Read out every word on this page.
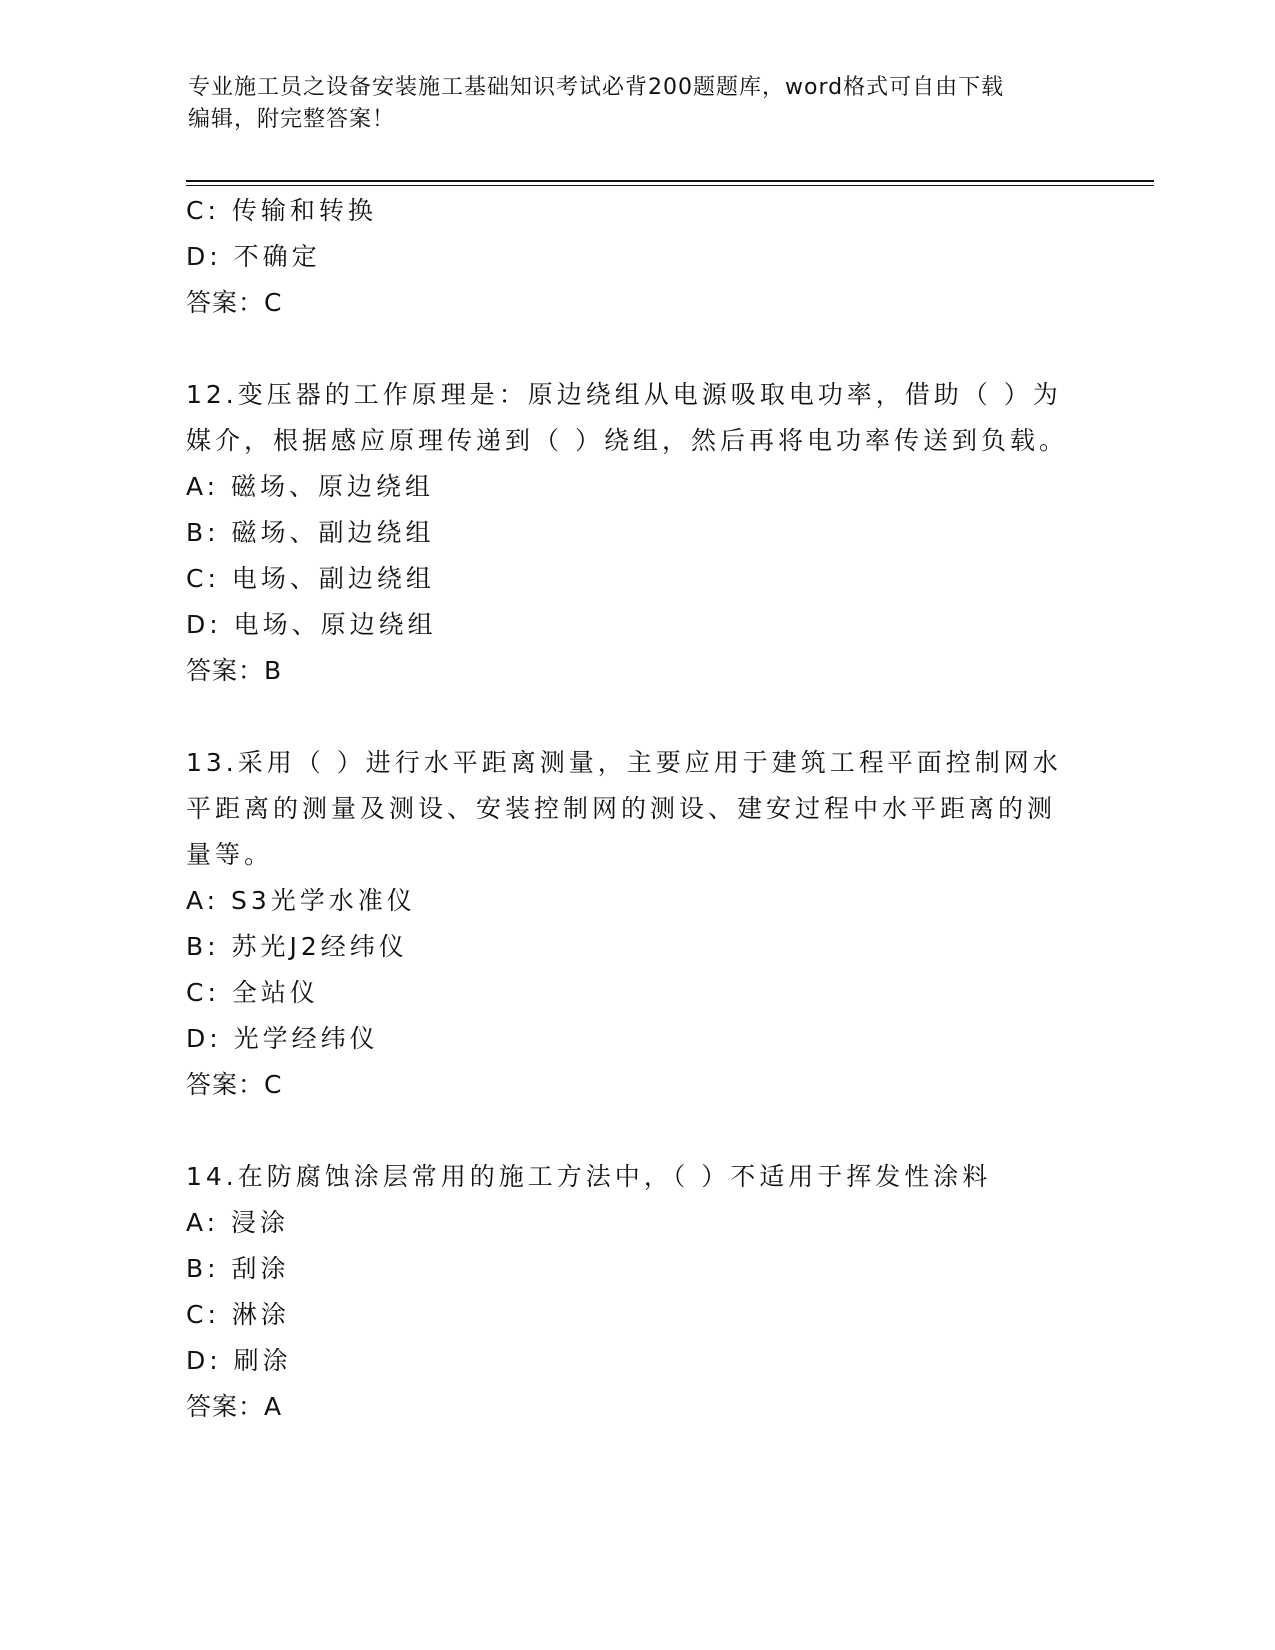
专业施工员之设备安装施工基础知识考试必背200题题库，word格式可自由下载
编辑，附完整答案！
C: 传输和转换
D: 不确定
答案：C
12.变压器的工作原理是：原边绕组从电源吸取电功率，借助（ ）为
媒介，根据感应原理传递到（ ）绕组，然后再将电功率传送到负载。
A: 磁场、原边绕组
B: 磁场、副边绕组
C: 电场、副边绕组
D: 电场、原边绕组
答案：B
13.采用（ ）进行水平距离测量，主要应用于建筑工程平面控制网水
平距离的测量及测设、安装控制网的测设、建安过程中水平距离的测
量等。
A: S3光学水准仪
B: 苏光J2经纬仪
C: 全站仪
D: 光学经纬仪
答案：C
14.在防腐蚀涂层常用的施工方法中，（ ）不适用于挥发性涂料
A: 浸涂
B: 刮涂
C: 淋涂
D: 刷涂
答案：A
